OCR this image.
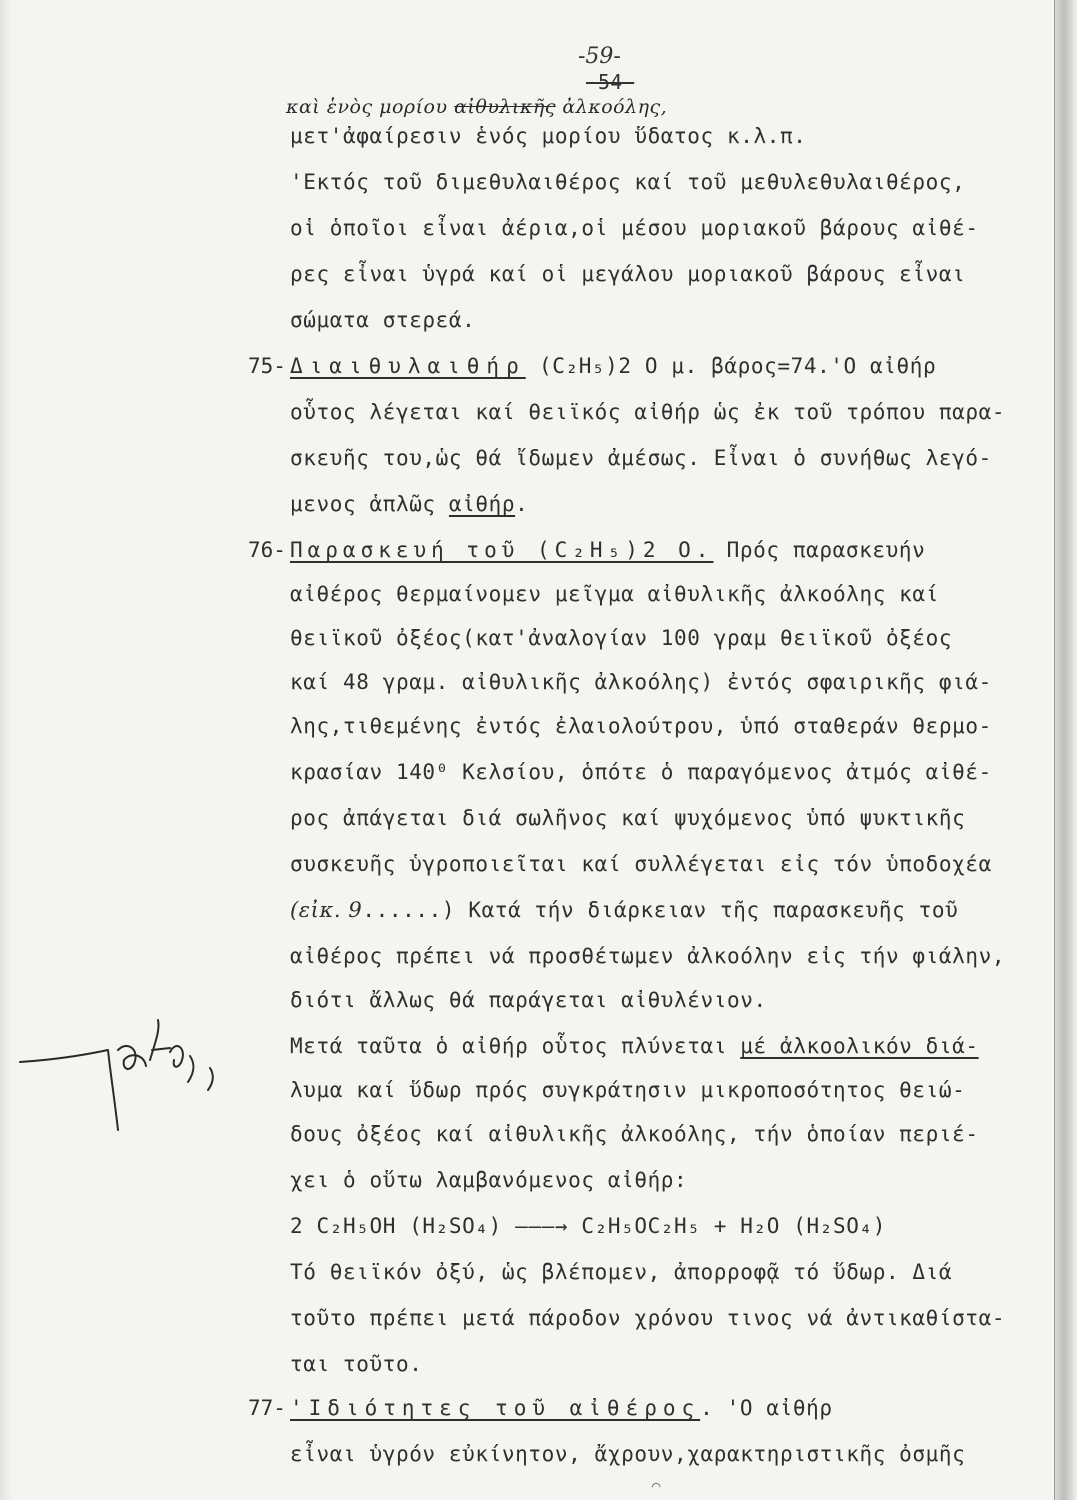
-59-
-54-
καὶ ἑνὸς μορίου αἰθυλικῆς ἀλκοόλης,
μετ'ἀφαίρεσιν ἑνός μορίου ὕδατος κ.λ.π.
'Εκτός τοῦ διμεθυλαιθέρος καί τοῦ μεθυλεθυλαιθέρος,
οἱ ὁποῖοι εἶναι ἀέρια,οἱ μέσου μοριακοῦ βάρους αἰθέ-
ρες εἶναι ὑγρά καί οἱ μεγάλου μοριακοῦ βάρους εἶναι
σώματα στερεά.
75- Διαιθυλαιθήρ (C₂H₅)2 O μ. βάρος=74.'Ο αἰθήρ
οὗτος λέγεται καί θειϊκός αἰθήρ ὡς ἐκ τοῦ τρόπου παρα-
σκευῆς του,ὡς θά ἴδωμεν ἀμέσως. Εἶναι ὁ συνήθως λεγό-
μενος ἁπλῶς αἰθήρ.
76- Παρασκευή τοῦ (C₂H₅)2 O. Πρός παρασκευήν
αἰθέρος θερμαίνομεν μεῖγμα αἰθυλικῆς ἀλκοόλης καί
θειϊκοῦ ὀξέος(κατ'ἀναλογίαν 100 γραμ θειϊκοῦ ὀξέος
καί 48 γραμ. αἰθυλικῆς ἀλκοόλης) ἐντός σφαιρικῆς φιά-
λης,τιθεμένης ἐντός ἐλαιολούτρου, ὑπό σταθεράν θερμο-
κρασίαν 140⁰ Κελσίου, ὁπότε ὁ παραγόμενος ἀτμός αἰθέ-
ρος ἀπάγεται διά σωλῆνος καί ψυχόμενος ὑπό ψυκτικῆς
συσκευῆς ὑγροποιεῖται καί συλλέγεται εἰς τόν ὑποδοχέα
(εἰκ. 9......) Κατά τήν διάρκειαν τῆς παρασκευῆς τοῦ
αἰθέρος πρέπει νά προσθέτωμεν ἀλκοόλην εἰς τήν φιάλην,
διότι ἄλλως θά παράγεται αἰθυλένιον.
Μετά ταῦτα ὁ αἰθήρ οὗτος πλύνεται μέ ἀλκοολικόν διά-
λυμα καί ὕδωρ πρός συγκράτησιν μικροποσότητος θειώ-
δους ὀξέος καί αἰθυλικῆς ἀλκοόλης, τήν ὁποίαν περιέ-
χει ὁ οὕτω λαμβανόμενος αἰθήρ:
2 C₂H₅OH (H₂SO₄) ———→ C₂H₅OC₂H₅ + H₂O (H₂SO₄)
Τό θειϊκόν ὀξύ, ὡς βλέπομεν, ἀπορροφᾷ τό ὕδωρ. Διά
τοῦτο πρέπει μετά πάροδον χρόνου τινος νά ἀντικαθίστα-
ται τοῦτο.
77- 'Ιδιότητες τοῦ αἰθέρος. 'Ο αἰθήρ
εἶναι ὑγρόν εὐκίνητον, ἄχρουν,χαρακτηριστικῆς ὀσμῆς
⌒
